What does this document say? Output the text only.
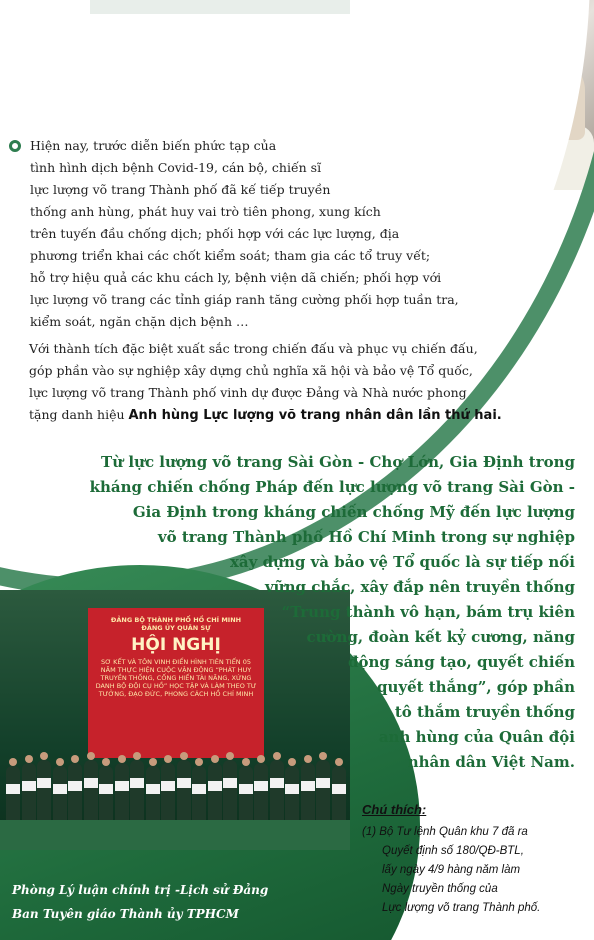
ĐẢNG BỘ THÀNH PHỐ HỒ CHÍ MINH
ĐẢNG ỦY QUÂN SỰ
HỘI NGHỊ
SƠ KẾT VÀ TÔN VINH ĐIỂN HÌNH TIÊN TIẾN 05 NĂM THỰC HIỆN CUỘC VẬN ĐỘNG “PHÁT HUY TRUYỀN THỐNG, CỐNG HIẾN TÀI NĂNG, XỨNG DANH BỘ ĐỘI CỤ HỒ” HỌC TẬP VÀ LÀM THEO TƯ TƯỞNG, ĐẠO ĐỨC, PHONG CÁCH HỒ CHÍ MINH
Phòng Lý luận chính trị -Lịch sử Đảng
Ban Tuyên giáo Thành ủy TPHCM
Hiện nay, trước diễn biến phức tạp của
tình hình dịch bệnh Covid-19, cán bộ, chiến sĩ
lực lượng võ trang Thành phố đã kế tiếp truyền
thống anh hùng, phát huy vai trò tiên phong, xung kích
trên tuyến đầu chống dịch; phối hợp với các lực lượng, địa
phương triển khai các chốt kiểm soát; tham gia các tổ truy vết;
hỗ trợ hiệu quả các khu cách ly, bệnh viện dã chiến; phối hợp với
lực lượng võ trang các tỉnh giáp ranh tăng cường phối hợp tuần tra,
kiểm soát, ngăn chặn dịch bệnh …
Với thành tích đặc biệt xuất sắc trong chiến đấu và phục vụ chiến đấu,
góp phần vào sự nghiệp xây dựng chủ nghĩa xã hội và bảo vệ Tổ quốc,
lực lượng võ trang Thành phố vinh dự được Đảng và Nhà nước phong
tặng danh hiệu Anh hùng Lực lượng võ trang nhân dân lần thứ hai.
Từ lực lượng võ trang Sài Gòn - Chợ Lớn, Gia Định trong
kháng chiến chống Pháp đến lực lượng võ trang Sài Gòn -
Gia Định trong kháng chiến chống Mỹ đến lực lượng
võ trang Thành phố Hồ Chí Minh trong sự nghiệp
xây dựng và bảo vệ Tổ quốc là sự tiếp nối
vững chắc, xây đắp nên truyền thống
“Trung thành vô hạn, bám trụ kiên
cường, đoàn kết kỷ cương, năng
động sáng tạo, quyết chiến
quyết thắng”, góp phần
tô thắm truyền thống
anh hùng của Quân đội
nhân dân Việt Nam.
Chú thích:
(1) Bộ Tư lệnh Quân khu 7 đã ra
Quyết định số 180/QĐ-BTL,
lấy ngày 4/9 hàng năm làm
Ngày truyền thống của
Lực lượng võ trang Thành phố.
